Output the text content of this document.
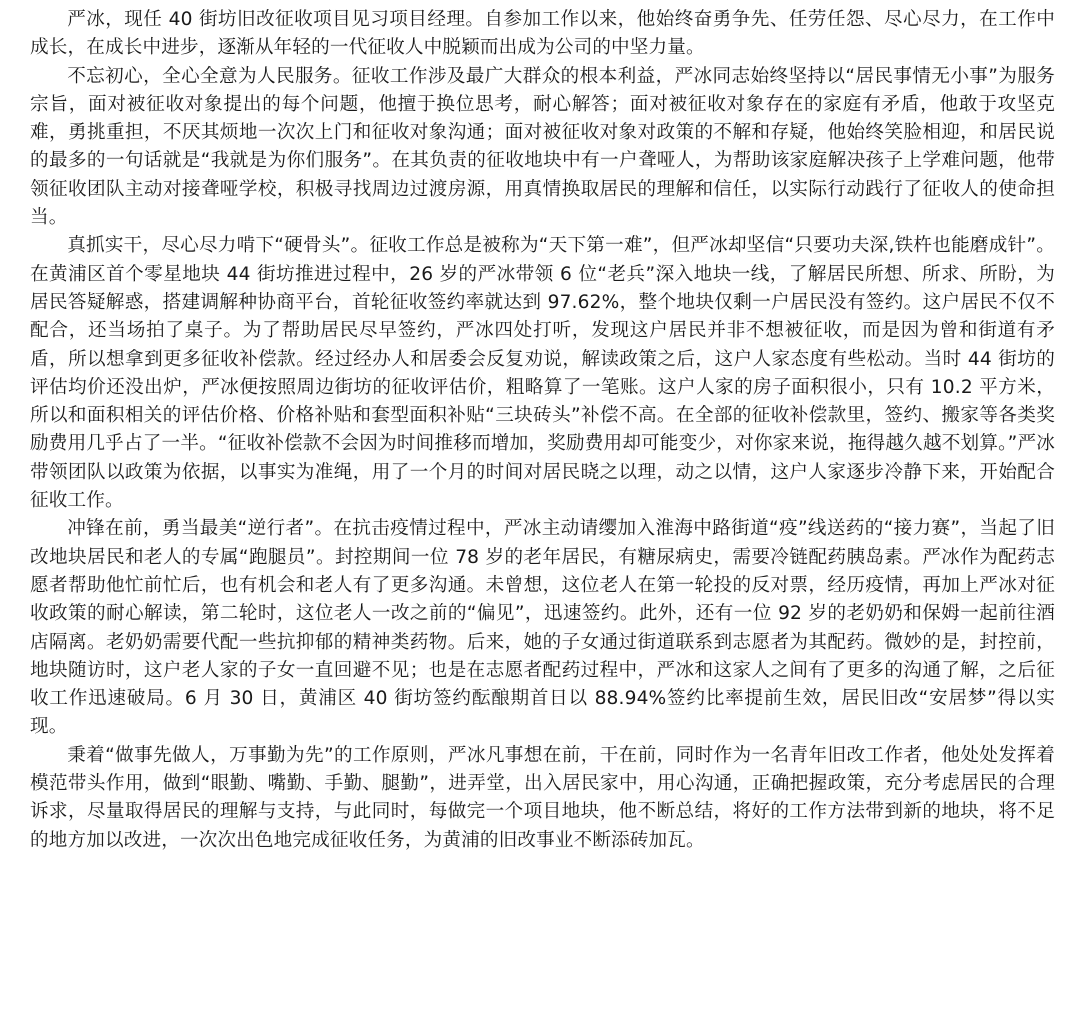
严冰，现任 40 街坊旧改征收项目见习项目经理。自参加工作以来，他始终奋勇争先、任劳任怨、尽心尽力，在工作中成长，在成长中进步，逐渐从年轻的一代征收人中脱颖而出成为公司的中坚力量。

不忘初心，全心全意为人民服务。征收工作涉及最广大群众的根本利益，严冰同志始终坚持以“居民事情无小事”为服务宗旨，面对被征收对象提出的每个问题，他擅于换位思考，耐心解答；面对被征收对象存在的家庭有矛盾，他敢于攻坚克难，勇挑重担，不厌其烦地一次次上门和征收对象沟通；面对被征收对象对政策的不解和存疑，他始终笑脸相迎，和居民说的最多的一句话就是“我就是为你们服务”。在其负责的征收地块中有一户聋哑人，为帮助该家庭解决孩子上学难问题，他带领征收团队主动对接聋哑学校，积极寻找周边过渡房源，用真情换取居民的理解和信任，以实际行动践行了征收人的使命担当。

真抓实干，尽心尽力啃下“硬骨头”。征收工作总是被称为“天下第一难”，但严冰却坚信“只要功夫深,铁杵也能磨成针”。在黄浦区首个零星地块 44 街坊推进过程中，26 岁的严冰带领 6 位“老兵”深入地块一线，了解居民所想、所求、所盼，为居民答疑解惑，搭建调解种协商平台，首轮征收签约率就达到 97.62%，整个地块仅剩一户居民没有签约。这户居民不仅不配合，还当场拍了桌子。为了帮助居民尽早签约，严冰四处打听，发现这户居民并非不想被征收，而是因为曾和街道有矛盾，所以想拿到更多征收补偿款。经过经办人和居委会反复劝说，解读政策之后，这户人家态度有些松动。当时 44 街坊的评估均价还没出炉，严冰便按照周边街坊的征收评估价，粗略算了一笔账。这户人家的房子面积很小，只有 10.2 平方米，所以和面积相关的评估价格、价格补贴和套型面积补贴“三块砖头”补偿不高。在全部的征收补偿款里，签约、搬家等各类奖励费用几乎占了一半。“征收补偿款不会因为时间推移而增加，奖励费用却可能变少，对你家来说，拖得越久越不划算。”严冰带领团队以政策为依据，以事实为准绳，用了一个月的时间对居民晓之以理，动之以情，这户人家逐步冷静下来，开始配合征收工作。

冲锋在前，勇当最美“逆行者”。在抗击疫情过程中，严冰主动请缨加入淮海中路街道“疫”线送药的“接力赛”，当起了旧改地块居民和老人的专属“跑腿员”。封控期间一位 78 岁的老年居民，有糖尿病史，需要冷链配药胰岛素。严冰作为配药志愿者帮助他忙前忙后，也有机会和老人有了更多沟通。未曾想，这位老人在第一轮投的反对票，经历疫情，再加上严冰对征收政策的耐心解读，第二轮时，这位老人一改之前的“偏见”，迅速签约。此外，还有一位 92 岁的老奶奶和保姆一起前往酒店隔离。老奶奶需要代配一些抗抑郁的精神类药物。后来，她的子女通过街道联系到志愿者为其配药。微妙的是，封控前，地块随访时，这户老人家的子女一直回避不见；也是在志愿者配药过程中，严冰和这家人之间有了更多的沟通了解，之后征收工作迅速破局。6 月 30 日，黄浦区 40 街坊签约酝酿期首日以 88.94%签约比率提前生效，居民旧改“安居梦”得以实现。

秉着“做事先做人，万事勤为先”的工作原则，严冰凡事想在前，干在前，同时作为一名青年旧改工作者，他处处发挥着模范带头作用，做到“眼勤、嘴勤、手勤、腿勤”，进弄堂，出入居民家中，用心沟通，正确把握政策，充分考虑居民的合理诉求，尽量取得居民的理解与支持，与此同时，每做完一个项目地块，他不断总结，将好的工作方法带到新的地块，将不足的地方加以改进，一次次出色地完成征收任务，为黄浦的旧改事业不断添砖加瓦。
